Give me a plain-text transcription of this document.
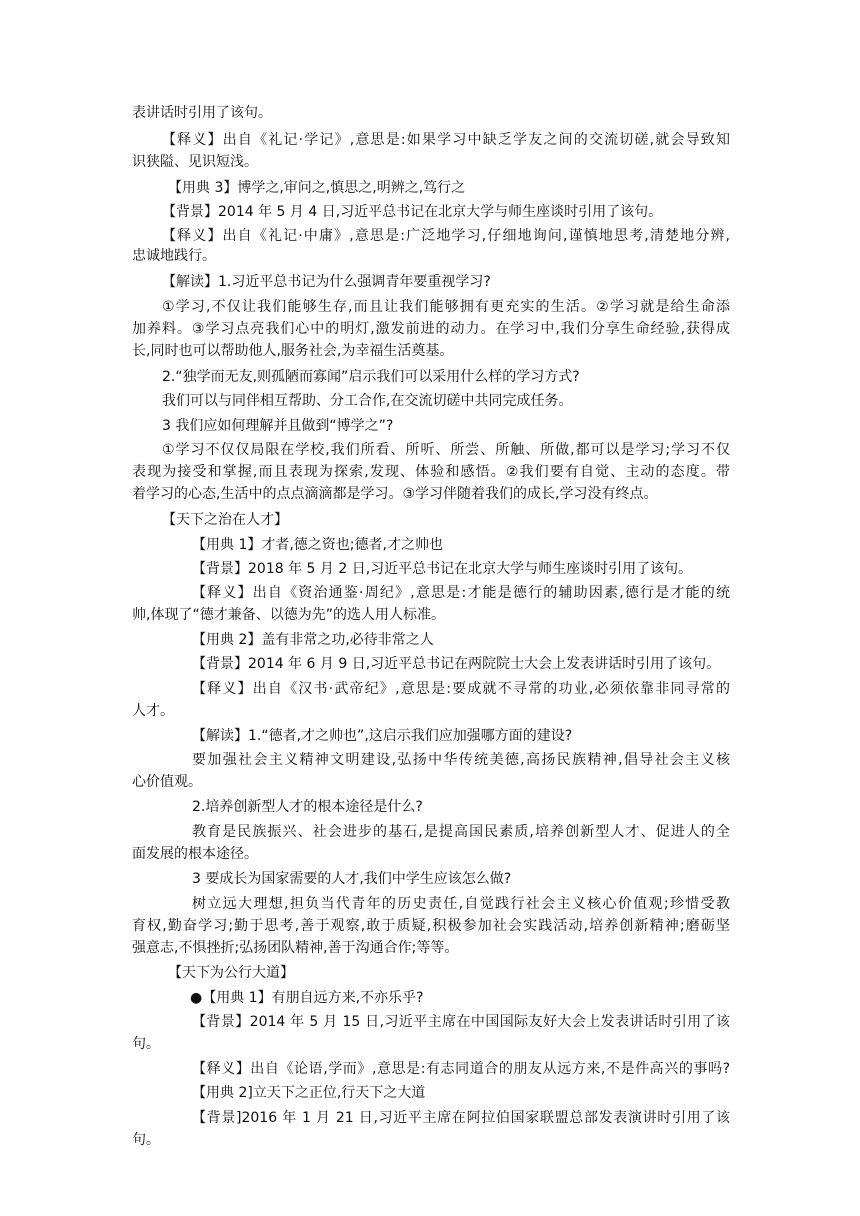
表讲话时引用了该句。
【释义】出自《礼记·学记》,意思是:如果学习中缺乏学友之间的交流切磋,就会导致知
识狭隘、见识短浅。
【用典 3】博学之,审问之,慎思之,明辨之,笃行之
【背景】2014 年 5 月 4 日,习近平总书记在北京大学与师生座谈时引用了该句。
【释义】出自《礼记·中庸》,意思是:广泛地学习,仔细地询问,谨慎地思考,清楚地分辨,
忠诚地践行。
【解读】1.习近平总书记为什么强调青年要重视学习?
①学习,不仅让我们能够生存,而且让我们能够拥有更充实的生活。②学习就是给生命添
加养料。③学习点亮我们心中的明灯,激发前进的动力。在学习中,我们分享生命经验,获得成
长,同时也可以帮助他人,服务社会,为幸福生活奠基。
2.“独学而无友,则孤陋而寡闻”启示我们可以采用什么样的学习方式?
我们可以与同伴相互帮助、分工合作,在交流切磋中共同完成任务。
3 我们应如何理解并且做到“博学之”?
①学习不仅仅局限在学校,我们所看、所听、所尝、所触、所做,都可以是学习;学习不仅
表现为接受和掌握,而且表现为探索,发现、体验和感悟。②我们要有自觉、主动的态度。带
着学习的心态,生活中的点点滴滴都是学习。③学习伴随着我们的成长,学习没有终点。
【天下之治在人才】
【用典 1】才者,德之资也;德者,才之帅也
【背景】2018 年 5 月 2 日,习近平总书记在北京大学与师生座谈时引用了该句。
【释义】出自《资治通鉴·周纪》,意思是:才能是德行的辅助因素,德行是才能的统
帅,体现了“德才兼备、以德为先”的选人用人标准。
【用典 2】盖有非常之功,必待非常之人
【背景】2014 年 6 月 9 日,习近平总书记在两院院士大会上发表讲话时引用了该句。
【释义】出自《汉书·武帝纪》,意思是:要成就不寻常的功业,必须依靠非同寻常的
人才。
【解读】1.“德者,才之帅也”,这启示我们应加强哪方面的建设?
要加强社会主义精神文明建设,弘扬中华传统美德,高扬民族精神,倡导社会主义核
心价值观。
2.培养创新型人才的根本途径是什么?
教育是民族振兴、社会进步的基石,是提高国民素质,培养创新型人才、促进人的全
面发展的根本途径。
3 要成长为国家需要的人才,我们中学生应该怎么做?
树立远大理想,担负当代青年的历史责任,自觉践行社会主义核心价值观;珍惜受教
育权,勤奋学习;勤于思考,善于观察,敢于质疑,积极参加社会实践活动,培养创新精神;磨砺坚
强意志,不惧挫折;弘扬团队精神,善于沟通合作;等等。
【天下为公行大道】
●【用典 1】有朋自远方来,不亦乐乎?
【背景】2014 年 5 月 15 日,习近平主席在中国国际友好大会上发表讲话时引用了该
句。
【释义】出自《论语,学而》,意思是:有志同道合的朋友从远方来,不是件高兴的事吗?
【用典 2]立天下之正位,行天下之大道
【背景]2016 年 1 月 21 日,习近平主席在阿拉伯国家联盟总部发表演讲时引用了该
句。
